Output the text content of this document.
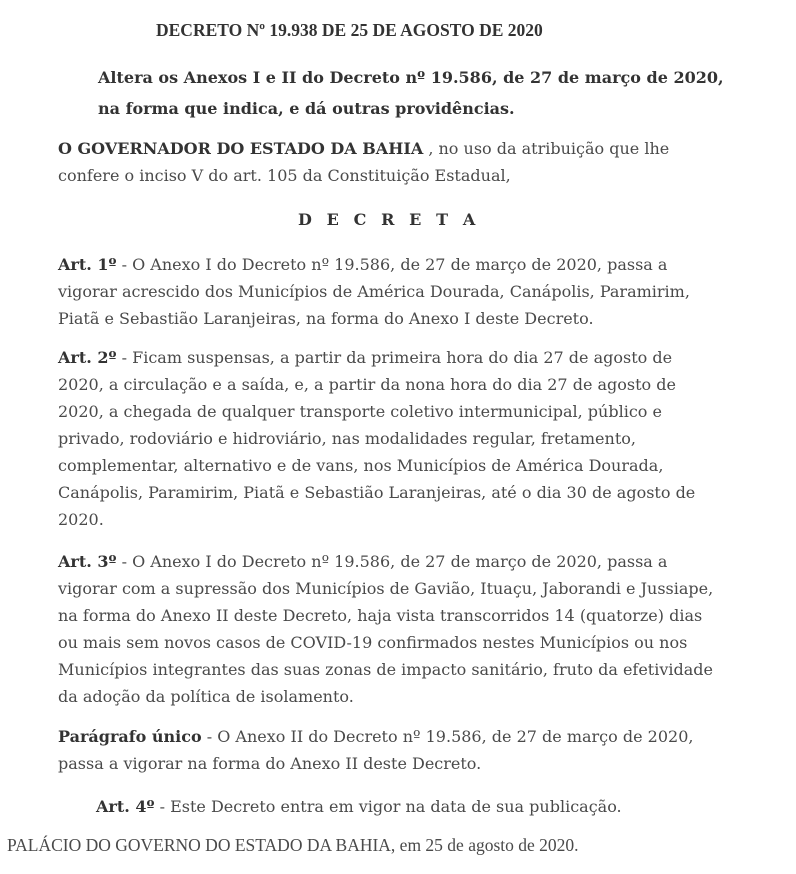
DECRETO Nº 19.938 DE 25 DE AGOSTO DE 2020
Altera os Anexos I e II do Decreto nº 19.586, de 27 de março de 2020, na forma que indica, e dá outras providências.

O GOVERNADOR DO ESTADO DA BAHIA , no uso da atribuição que lhe confere o inciso V do art. 105 da Constituição Estadual,

D E C R E T A

Art. 1º - O Anexo I do Decreto nº 19.586, de 27 de março de 2020, passa a vigorar acrescido dos Municípios de América Dourada, Canápolis, Paramirim, Piatã e Sebastião Laranjeiras, na forma do Anexo I deste Decreto.

Art. 2º - Ficam suspensas, a partir da primeira hora do dia 27 de agosto de 2020, a circulação e a saída, e, a partir da nona hora do dia 27 de agosto de 2020, a chegada de qualquer transporte coletivo intermunicipal, público e privado, rodoviário e hidroviário, nas modalidades regular, fretamento, complementar, alternativo e de vans, nos Municípios de América Dourada, Canápolis, Paramirim, Piatã e Sebastião Laranjeiras, até o dia 30 de agosto de 2020.

Art. 3º - O Anexo I do Decreto nº 19.586, de 27 de março de 2020, passa a vigorar com a supressão dos Municípios de Gavião, Ituaçu, Jaborandi e Jussiape, na forma do Anexo II deste Decreto, haja vista transcorridos 14 (quatorze) dias ou mais sem novos casos de COVID-19 confirmados nestes Municípios ou nos Municípios integrantes das suas zonas de impacto sanitário, fruto da efetividade da adoção da política de isolamento.

Parágrafo único - O Anexo II do Decreto nº 19.586, de 27 de março de 2020, passa a vigorar na forma do Anexo II deste Decreto.

Art. 4º - Este Decreto entra em vigor na data de sua publicação.
PALÁCIO DO GOVERNO DO ESTADO DA BAHIA, em 25 de agosto de 2020.
